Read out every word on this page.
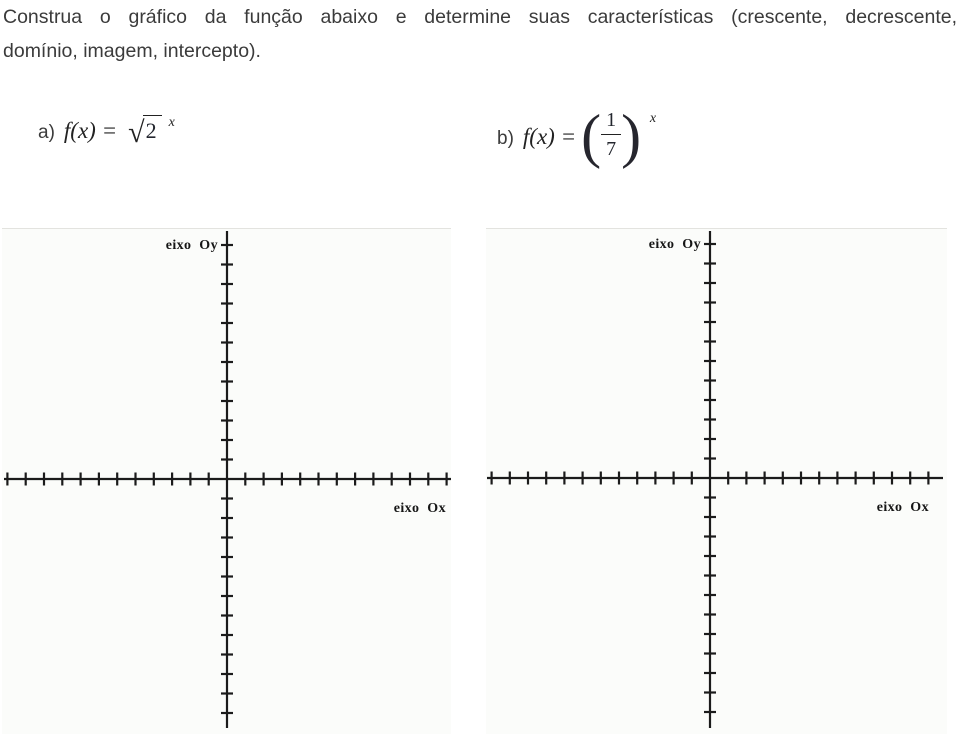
Construa o gráfico da função abaixo e determine suas características (crescente, decrescente,
domínio, imagem, intercepto).
a) f(x) = √2 x
b) f(x) =( $\frac{1}{7}$ ) x
eixo Oy
eixo Ox
eixo Oy
eixo Ox
